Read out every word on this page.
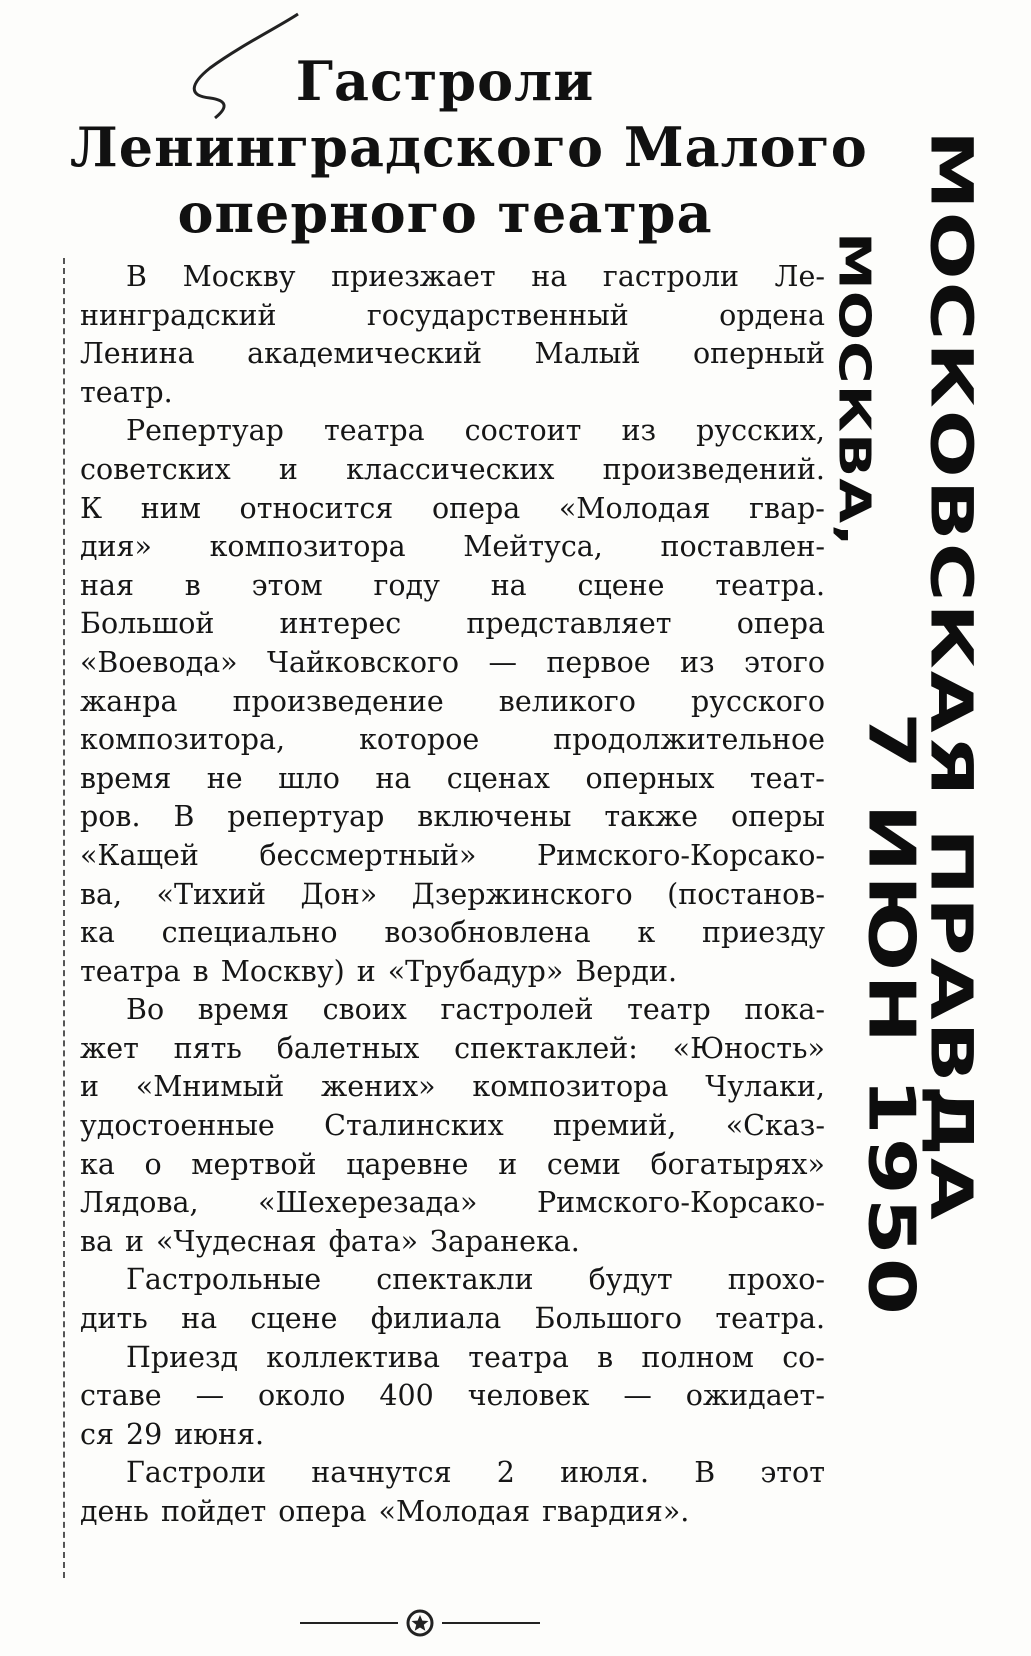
Гастроли
Ленинградского Малого
оперного театра
В Москву приезжает на гастроли Ле-
нинградский	государственный	ордена
Ленина академический Малый оперный
театр.
Репертуар театра состоит из русских,
советских и классических произведений.
К ним относится опера «Молодая гвар-
дия» композитора Мейтуса, поставлен-
ная в этом году на сцене театра.
Большой интерес представляет опера
«Воевода» Чайковского — первое из этого
жанра произведение великого русского
композитора,	которое	продолжительное
время не шло на сценах оперных теат-
ров. В репертуар включены также оперы
«Кащей бессмертный» Римского-Корсако-
ва, «Тихий Дон» Дзержинского (постанов-
ка специально возобновлена к приезду
театра в Москву) и «Трубадур» Верди.
Во время своих гастролей театр пока-
жет пять балетных спектаклей: «Юность»
и «Мнимый жених» композитора Чулаки,
удостоенные Сталинских премий, «Сказ-
ка о мертвой царевне и семи богатырях»
Лядова, «Шехерезада» Римского-Корсако-
ва и «Чудесная фата» Заранека.
Гастрольные спектакли будут прохо-
дить на сцене филиала Большого театра.
Приезд коллектива театра в полном со-
ставе — около 400 человек — ожидает-
ся 29 июня.
Гастроли начнутся 2 июля. В этот
день пойдет опера «Молодая гвардия».
МОСКОВСКАЯ ПРАВДА
МОСКВА,
7 ИЮН 1950
